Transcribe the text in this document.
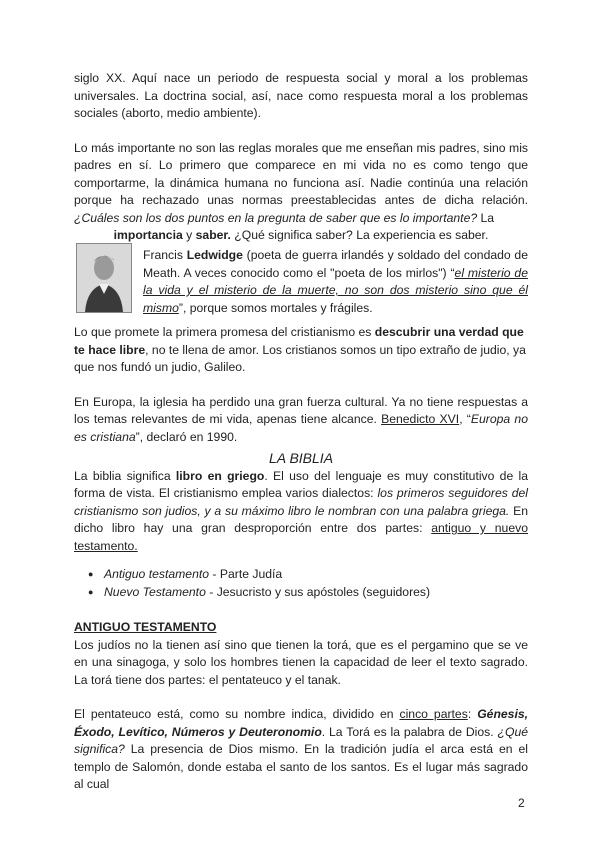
siglo XX. Aquí nace un periodo de respuesta social y moral a los problemas universales. La doctrina social, así, nace como respuesta moral a los problemas sociales (aborto, medio ambiente).

Lo más importante no son las reglas morales que me enseñan mis padres, sino mis padres en sí. Lo primero que comparece en mi vida no es como tengo que comportarme, la dinámica humana no funciona así. Nadie continúa una relación porque ha rechazado unas normas preestablecidas antes de dicha relación. ¿Cuáles son los dos puntos en la pregunta de saber que es lo importante? La

importancia y saber. ¿Qué significa saber? La experiencia es saber.

Francis Ledwidge (poeta de guerra irlandés y soldado del condado de Meath. A veces conocido como el "poeta de los mirlos") “el misterio de la vida y el misterio de la muerte, no son dos misterio sino que él mismo”, porque somos mortales y frágiles.

Lo que promete la primera promesa del cristianismo es descubrir una verdad que te hace libre, no te llena de amor. Los cristianos somos un tipo extraño de judio, ya que nos fundó un judio, Galileo.

En Europa, la iglesia ha perdido una gran fuerza cultural. Ya no tiene respuestas a los temas relevantes de mi vida, apenas tiene alcance. Benedicto XVI, “Europa no es cristiana”, declaró en 1990.

LA BIBLIA

La biblia significa libro en griego. El uso del lenguaje es muy constitutivo de la forma de vista. El cristianismo emplea varios dialectos: los primeros seguidores del cristianismo son judios, y a su máximo libro le nombran con una palabra griega. En dicho libro hay una gran desproporción entre dos partes: antiguo y nuevo testamento.

● Antiguo testamento - Parte Judía
● Nuevo Testamento - Jesucristo y sus apóstoles (seguidores)

ANTIGUO TESTAMENTO

Los judíos no la tienen así sino que tienen la torá, que es el pergamino que se ve en una sinagoga, y solo los hombres tienen la capacidad de leer el texto sagrado. La torá tiene dos partes: el pentateuco y el tanak.

El pentateuco está, como su nombre indica, dividido en cinco partes: Génesis, Éxodo, Levítico, Números y Deuteronomio. La Torá es la palabra de Dios. ¿Qué significa? La presencia de Dios mismo. En la tradición judía el arca está en el templo de Salomón, donde estaba el santo de los santos. Es el lugar más sagrado al cual

2
